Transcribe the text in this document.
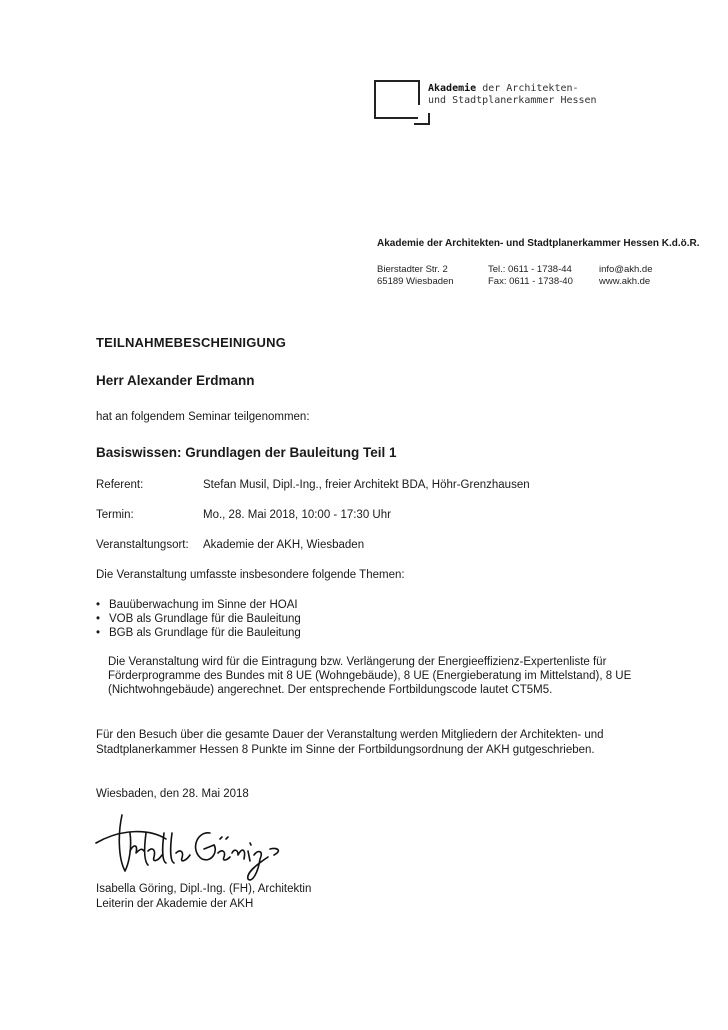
Akademie der Architekten-
und Stadtplanerkammer Hessen
Akademie der Architekten- und Stadtplanerkammer Hessen K.d.ö.R.
Bierstadter Str. 2
65189 Wiesbaden
Tel.: 0611 - 1738-44
Fax: 0611 - 1738-40
info@akh.de
www.akh.de
TEILNAHMEBESCHEINIGUNG
Herr Alexander Erdmann
hat an folgendem Seminar teilgenommen:
Basiswissen: Grundlagen der Bauleitung Teil 1
Referent:	Stefan Musil, Dipl.-Ing., freier Architekt BDA, Höhr-Grenzhausen
Termin:	Mo., 28. Mai 2018, 10:00 - 17:30 Uhr
Veranstaltungsort: Akademie der AKH, Wiesbaden
Die Veranstaltung umfasste insbesondere folgende Themen:
• Bauüberwachung im Sinne der HOAI
• VOB als Grundlage für die Bauleitung
• BGB als Grundlage für die Bauleitung
Die Veranstaltung wird für die Eintragung bzw. Verlängerung der Energieeffizienz-Expertenliste für Förderprogramme des Bundes mit 8 UE (Wohngebäude), 8 UE (Energieberatung im Mittelstand), 8 UE (Nichtwohngebäude) angerechnet. Der entsprechende Fortbildungscode lautet CT5M5.
Für den Besuch über die gesamte Dauer der Veranstaltung werden Mitgliedern der Architekten- und Stadtplanerkammer Hessen 8 Punkte im Sinne der Fortbildungsordnung der AKH gutgeschrieben.
Wiesbaden, den 28. Mai 2018
Isabella Göring, Dipl.-Ing. (FH), Architektin
Leiterin der Akademie der AKH
